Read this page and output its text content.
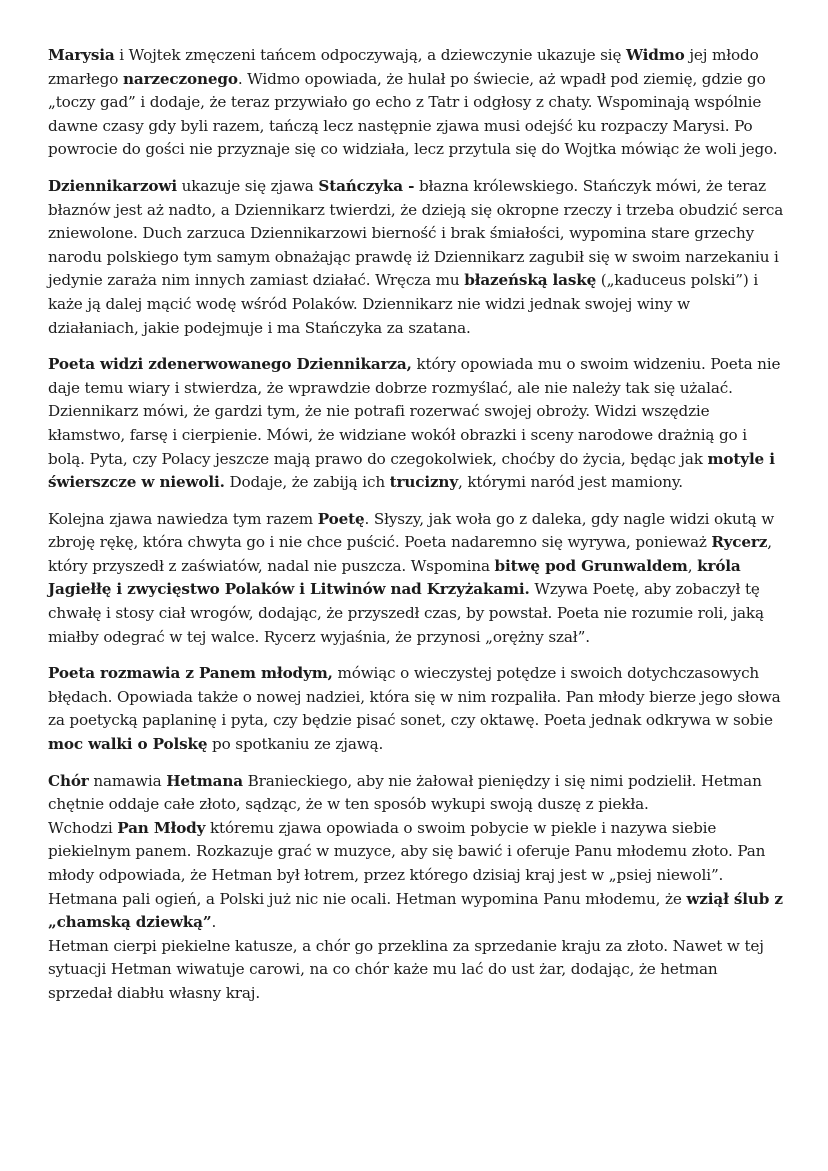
Marysia i Wojtek zmęczeni tańcem odpoczywają, a dziewczynie ukazuje się Widmo jej młodo zmarłego narzeczonego. Widmo opowiada, że hulał po świecie, aż wpadł pod ziemię, gdzie go „toczy gad” i dodaje, że teraz przywiało go echo z Tatr i odgłosy z chaty. Wspominają wspólnie dawne czasy gdy byli razem, tańczą lecz następnie zjawa musi odejść ku rozpaczy Marysi. Po powrocie do gości nie przyznaje się co widziała, lecz przytula się do Wojtka mówiąc że woli jego.

Dziennikarzowi ukazuje się zjawa Stańczyka - błazna królewskiego. Stańczyk mówi, że teraz błaznów jest aż nadto, a Dziennikarz twierdzi, że dzieją się okropne rzeczy i trzeba obudzić serca zniewolone. Duch zarzuca Dziennikarzowi bierność i brak śmiałości, wypomina stare grzechy narodu polskiego tym samym obnażając prawdę iż Dziennikarz zagubił się w swoim narzekaniu i jedynie zaraża nim innych zamiast działać. Wręcza mu błazeńską laskę („kaduceus polski”) i każe ją dalej mącić wodę wśród Polaków. Dziennikarz nie widzi jednak swojej winy w działaniach, jakie podejmuje i ma Stańczyka za szatana.

Poeta widzi zdenerwowanego Dziennikarza, który opowiada mu o swoim widzeniu. Poeta nie daje temu wiary i stwierdza, że wprawdzie dobrze rozmyślać, ale nie należy tak się użalać. Dziennikarz mówi, że gardzi tym, że nie potrafi rozerwać swojej obroży. Widzi wszędzie kłamstwo, farsę i cierpienie. Mówi, że widziane wokół obrazki i sceny narodowe drażnią go i bolą. Pyta, czy Polacy jeszcze mają prawo do czegokolwiek, choćby do życia, będąc jak motyle i świerszcze w niewoli. Dodaje, że zabiją ich trucizny, którymi naród jest mamiony.

Kolejna zjawa nawiedza tym razem Poetę. Słyszy, jak woła go z daleka, gdy nagle widzi okutą w zbroję rękę, która chwyta go i nie chce puścić. Poeta nadaremno się wyrywa, ponieważ Rycerz, który przyszedł z zaświatów, nadal nie puszcza. Wspomina bitwę pod Grunwaldem, króla Jagiełłę i zwycięstwo Polaków i Litwinów nad Krzyżakami. Wzywa Poetę, aby zobaczył tę chwałę i stosy ciał wrogów, dodając, że przyszedł czas, by powstał. Poeta nie rozumie roli, jaką miałby odegrać w tej walce. Rycerz wyjaśnia, że przynosi „orężny szał”.

Poeta rozmawia z Panem młodym, mówiąc o wieczystej potędze i swoich dotychczasowych błędach. Opowiada także o nowej nadziei, która się w nim rozpaliła. Pan młody bierze jego słowa za poetycką paplaninę i pyta, czy będzie pisać sonet, czy oktawę. Poeta jednak odkrywa w sobie moc walki o Polskę po spotkaniu ze zjawą.

Chór namawia Hetmana Branieckiego, aby nie żałował pieniędzy i się nimi podzielił. Hetman chętnie oddaje całe złoto, sądząc, że w ten sposób wykupi swoją duszę z piekła.

Wchodzi Pan Młody któremu zjawa opowiada o swoim pobycie w piekle i nazywa siebie piekielnym panem. Rozkazuje grać w muzyce, aby się bawić i oferuje Panu młodemu złoto. Pan młody odpowiada, że Hetman był łotrem, przez którego dzisiaj kraj jest w „psiej niewoli”. Hetmana pali ogień, a Polski już nic nie ocali. Hetman wypomina Panu młodemu, że wziął ślub z „chamską dziewką”.

Hetman cierpi piekielne katusze, a chór go przeklina za sprzedanie kraju za złoto. Nawet w tej sytuacji Hetman wiwatuje carowi, na co chór każe mu lać do ust żar, dodając, że hetman sprzedał diabłu własny kraj.
